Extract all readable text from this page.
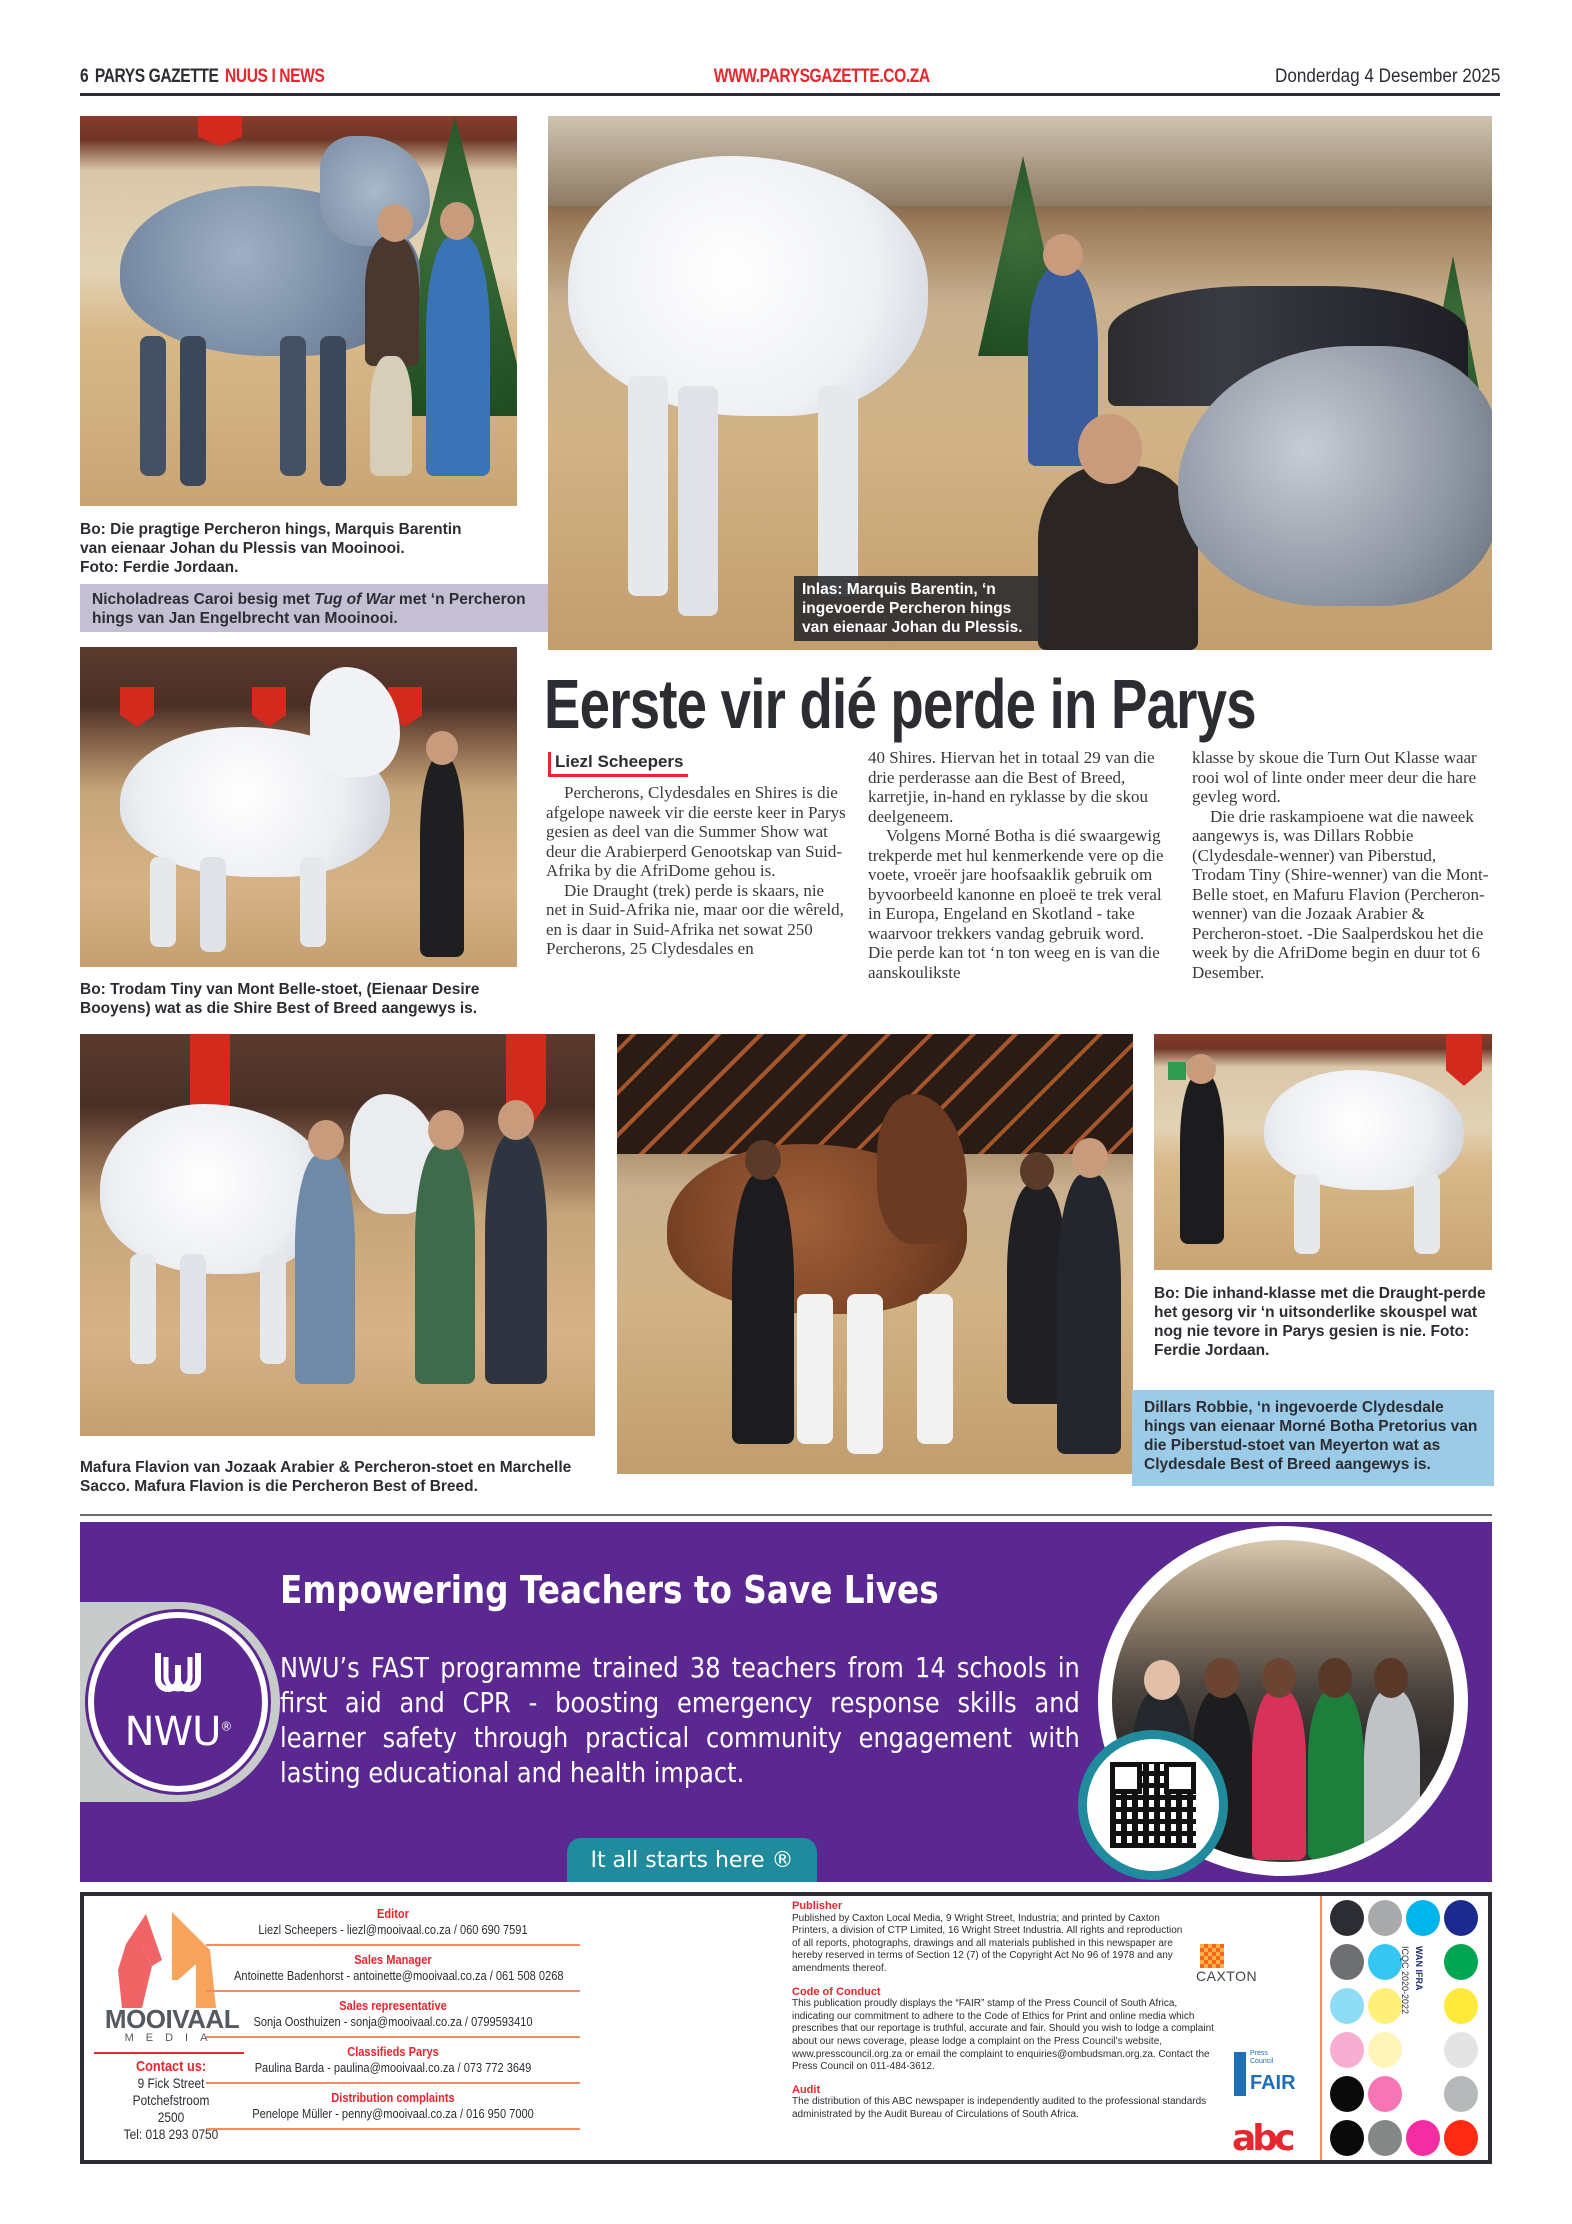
6 PARYS GAZETTE NUUS I NEWS	WWW.PARYSGAZETTE.CO.ZA	Donderdag 4 Desember 2025
Bo: Die pragtige Percheron hings, Marquis Barentin
van eienaar Johan du Plessis van Mooinooi.
Foto: Ferdie Jordaan.
Nicholadreas Caroi besig met Tug of War met ‘n Percheron hings van Jan Engelbrecht van Mooinooi.
Inlas: Marquis Barentin, ‘n ingevoerde Percheron hings van eienaar Johan du Plessis.
Bo: Trodam Tiny van Mont Belle-stoet, (Eienaar Desire Booyens) wat as die Shire Best of Breed aangewys is.
Eerste vir dié perde in Parys
Liezl Scheepers

Percherons, Clydesdales en Shires is die afgelope naweek vir die eerste keer in Parys gesien as deel van die Summer Show wat deur die Arabierperd Genootskap van Suid-Afrika by die AfriDome gehou is.

Die Draught (trek) perde is skaars, nie net in Suid-Afrika nie, maar oor die wêreld, en is daar in Suid-Afrika net sowat 250 Percherons, 25 Clydesdales en

40 Shires. Hiervan het in totaal 29 van die drie perderasse aan die Best of Breed, karretjie, in-hand en ryklasse by die skou deelgeneem.

Volgens Morné Botha is dié swaargewig trekperde met hul kenmerkende vere op die voete, vroeër jare hoofsaaklik gebruik om byvoorbeeld kanonne en ploeë te trek veral in Europa, Engeland en Skotland - take waarvoor trekkers vandag gebruik word. Die perde kan tot ‘n ton weeg en is van die aanskoulikste

klasse by skoue die Turn Out Klasse waar rooi wol of linte onder meer deur die hare gevleg word.

Die drie raskampioene wat die naweek aangewys is, was Dillars Robbie (Clydesdale-wenner) van Piberstud, Trodam Tiny (Shire-wenner) van die Mont-Belle stoet, en Mafuru Flavion (Percheron-wenner) van die Jozaak Arabier & Percheron-stoet. -Die Saalperdskou het die week by die AfriDome begin en duur tot 6 Desember.

Mafura Flavion van Jozaak Arabier & Percheron-stoet en Marchelle Sacco. Mafura Flavion is die Percheron Best of Breed.
Bo: Die inhand-klasse met die Draught-perde het gesorg vir ‘n uitsonderlike skouspel wat nog nie tevore in Parys gesien is nie. Foto: Ferdie Jordaan.
Dillars Robbie, ‘n ingevoerde Clydesdale hings van eienaar Morné Botha Pretorius van die Piberstud-stoet van Meyerton wat as Clydesdale Best of Breed aangewys is.
NWU®
Empowering Teachers to Save Lives
NWU’s FAST programme trained 38 teachers from 14 schools in first aid and CPR - boosting emergency response skills and learner safety through practical community engagement with lasting educational and health impact.
It all starts here ®
MOOIVAAL
MEDIA
Contact us:
9 Fick Street
Potchefstroom
2500
Tel: 018 293 0750
Editor
Liezl Scheepers - liezl@mooivaal.co.za / 060 690 7591
Sales Manager
Antoinette Badenhorst - antoinette@mooivaal.co.za / 061 508 0268
Sales representative
Sonja Oosthuizen - sonja@mooivaal.co.za / 0799593410
Classifieds Parys
Paulina Barda - paulina@mooivaal.co.za / 073 772 3649
Distribution complaints
Penelope Müller - penny@mooivaal.co.za / 016 950 7000
Publisher

Published by Caxton Local Media, 9 Wright Street, Industria; and printed by Caxton Printers, a division of CTP Limited, 16 Wright Street Industria. All rights and reproduction of all reports, photographs, drawings and all materials published in this newspaper are hereby reserved in terms of Section 12 (7) of the Copyright Act No 96 of 1978 and any amendments thereof.

Code of Conduct

This publication proudly displays the “FAIR” stamp of the Press Council of South Africa, indicating our commitment to adhere to the Code of Ethics for Print and online media which prescribes that our reportage is truthful, accurate and fair. Should you wish to lodge a complaint about our news coverage, please lodge a complaint on the Press Council’s website, www.presscouncil.org.za or email the complaint to enquiries@ombudsman.org.za. Contact the Press Council on 011-484-3612.

Audit

The distribution of this ABC newspaper is independently audited to the professional standards administrated by the Audit Bureau of Circulations of South Africa.

CAXTON
Press Council
FAIR
abc
WAN IFRA
ICQC 2020-2022
